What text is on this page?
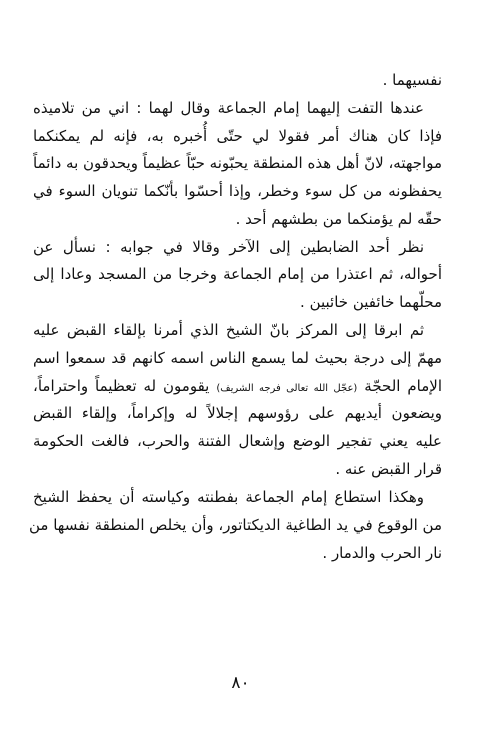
نفسيهما .
عندها التفت إليهما إمام الجماعة وقال لهما : اني من تلاميذه
فإذا كان هناك أمر فقولا لي حتّى أُخبره به، فإنه لم يمكنكما
مواجهته، لانّ أهل هذه المنطقة يحبّونه حبّاً عظيماً ويحدقون به دائماً
يحفظونه من كل سوء وخطر، وإذا أحسّوا بأنّكما تنويان السوء في
حقّه لم يؤمنكما من بطشهم أحد .
نظر أحد الضابطين إلى الآخر وقالا في جوابه : نسأل عن
أحواله، ثم اعتذرا من إمام الجماعة وخرجا من المسجد وعادا إلى
محلّهما خائفين خائبين .
ثم ابرقا إلى المركز بانّ الشيخ الذي أمرنا بإلقاء القبض عليه
مهمّ إلى درجة بحيث لما يسمع الناس اسمه كانهم قد سمعوا اسم
الإمام الحجّة (عجّل الله تعالى فرجه الشريف) يقومون له تعظيماً واحتراماً،
ويضعون أيديهم على رؤوسهم إجلالاً له وإكراماً، وإلقاء القبض
عليه يعني تفجير الوضع وإشعال الفتنة والحرب، فالغت الحكومة
قرار القبض عنه .
وهكذا استطاع إمام الجماعة بفطنته وكياسته أن يحفظ الشيخ
من الوقوع في يد الطاغية الديكتاتور، وأن يخلص المنطقة نفسها من
نار الحرب والدمار .
٨٠
